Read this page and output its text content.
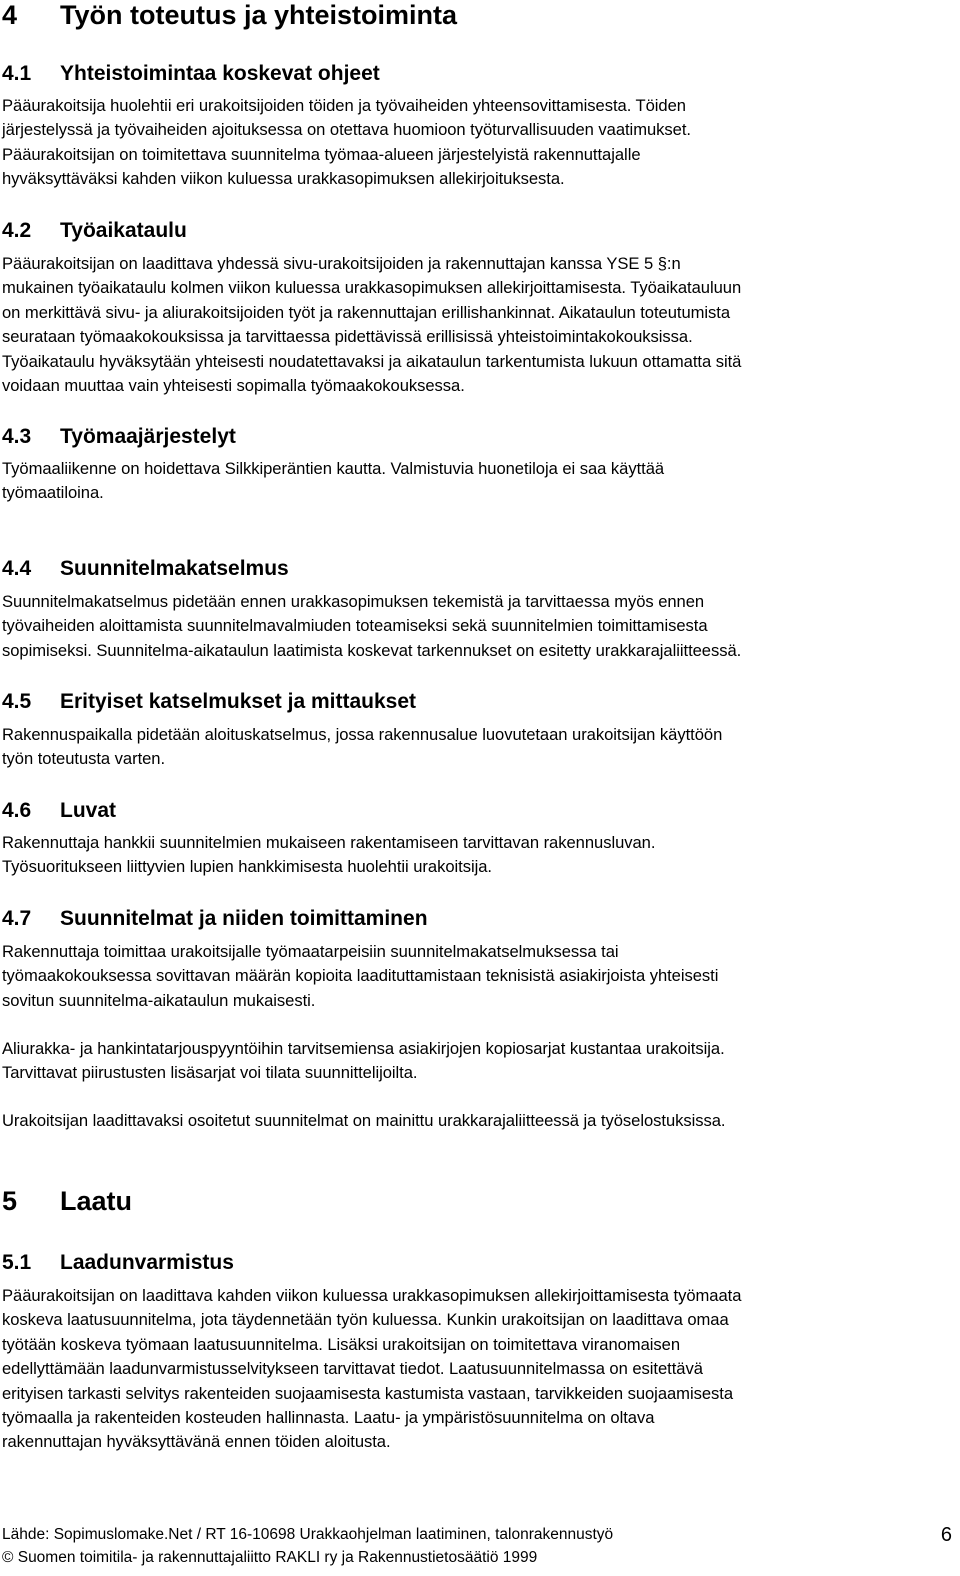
4 Työn toteutus ja yhteistoiminta
4.1 Yhteistoimintaa koskevat ohjeet
Pääurakoitsija huolehtii eri urakoitsijoiden töiden ja työvaiheiden yhteensovittamisesta. Töiden
järjestelyssä ja työvaiheiden ajoituksessa on otettava huomioon työturvallisuuden vaatimukset.
Pääurakoitsijan on toimitettava suunnitelma työmaa-alueen järjestelyistä rakennuttajalle
hyväksyttäväksi kahden viikon kuluessa urakkasopimuksen allekirjoituksesta.
4.2 Työaikataulu
Pääurakoitsijan on laadittava yhdessä sivu-urakoitsijoiden ja rakennuttajan kanssa YSE 5 §:n
mukainen työaikataulu kolmen viikon kuluessa urakkasopimuksen allekirjoittamisesta. Työaikatauluun
on merkittävä sivu- ja aliurakoitsijoiden työt ja rakennuttajan erillishankinnat. Aikataulun toteutumista
seurataan työmaakokouksissa ja tarvittaessa pidettävissä erillisissä yhteistoimintakokouksissa.
Työaikataulu hyväksytään yhteisesti noudatettavaksi ja aikataulun tarkentumista lukuun ottamatta sitä
voidaan muuttaa vain yhteisesti sopimalla työmaakokouksessa.
4.3 Työmaajärjestelyt
Työmaaliikenne on hoidettava Silkkiperäntien kautta. Valmistuvia huonetiloja ei saa käyttää
työmaatiloina.
4.4 Suunnitelmakatselmus
Suunnitelmakatselmus pidetään ennen urakkasopimuksen tekemistä ja tarvittaessa myös ennen
työvaiheiden aloittamista suunnitelmavalmiuden toteamiseksi sekä suunnitelmien toimittamisesta
sopimiseksi. Suunnitelma-aikataulun laatimista koskevat tarkennukset on esitetty urakkarajaliitteessä.
4.5 Erityiset katselmukset ja mittaukset
Rakennuspaikalla pidetään aloituskatselmus, jossa rakennusalue luovutetaan urakoitsijan käyttöön
työn toteutusta varten.
4.6 Luvat
Rakennuttaja hankkii suunnitelmien mukaiseen rakentamiseen tarvittavan rakennusluvan.
Työsuoritukseen liittyvien lupien hankkimisesta huolehtii urakoitsija.
4.7 Suunnitelmat ja niiden toimittaminen
Rakennuttaja toimittaa urakoitsijalle työmaatarpeisiin suunnitelmakatselmuksessa tai
työmaakokouksessa sovittavan määrän kopioita laadituttamistaan teknisistä asiakirjoista yhteisesti
sovitun suunnitelma-aikataulun mukaisesti.
Aliurakka- ja hankintatarjouspyyntöihin tarvitsemiensa asiakirjojen kopiosarjat kustantaa urakoitsija.
Tarvittavat piirustusten lisäsarjat voi tilata suunnittelijoilta.
Urakoitsijan laadittavaksi osoitetut suunnitelmat on mainittu urakkarajaliitteessä ja työselostuksissa.
5 Laatu
5.1 Laadunvarmistus
Pääurakoitsijan on laadittava kahden viikon kuluessa urakkasopimuksen allekirjoittamisesta työmaata
koskeva laatusuunnitelma, jota täydennetään työn kuluessa. Kunkin urakoitsijan on laadittava omaa
työtään koskeva työmaan laatusuunnitelma. Lisäksi urakoitsijan on toimitettava viranomaisen
edellyttämään laadunvarmistusselvitykseen tarvittavat tiedot. Laatusuunnitelmassa on esitettävä
erityisen tarkasti selvitys rakenteiden suojaamisesta kastumista vastaan, tarvikkeiden suojaamisesta
työmaalla ja rakenteiden kosteuden hallinnasta. Laatu- ja ympäristösuunnitelma on oltava
rakennuttajan hyväksyttävänä ennen töiden aloitusta.
Lähde: Sopimuslomake.Net / RT 16-10698 Urakkaohjelman laatiminen, talonrakennustyö
© Suomen toimitila- ja rakennuttajaliitto RAKLI ry ja Rakennustietosäätiö 1999
6
